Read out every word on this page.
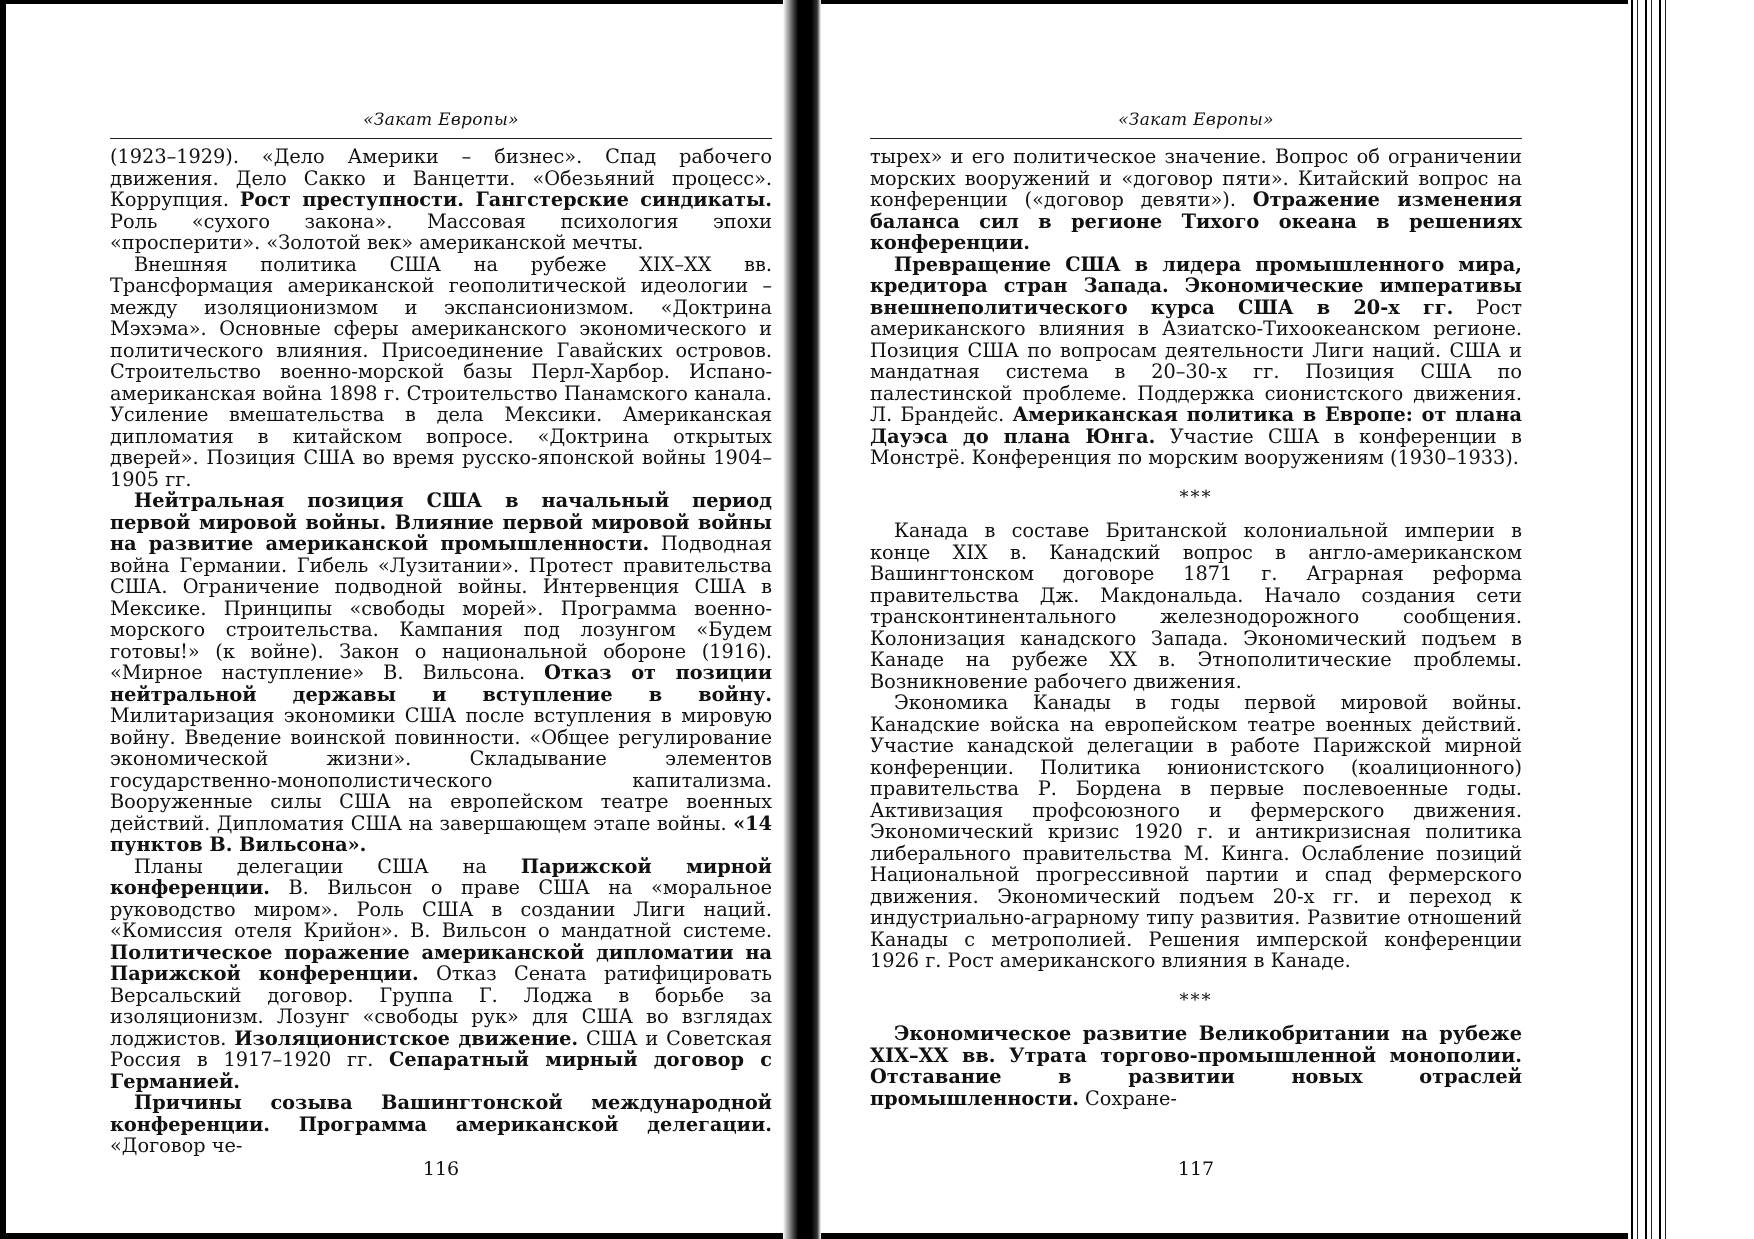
«Закат Европы»

(1923–1929). «Дело Америки – бизнес». Спад рабочего движения. Дело Сакко и Ванцетти. «Обезьяний процесс». Коррупция. Рост преступности. Гангстерские синдикаты. Роль «сухого закона». Массовая психология эпохи «просперити». «Золотой век» американской мечты.

Внешняя политика США на рубеже XIX–XX вв. Трансформация американской геополитической идеологии – между изоляционизмом и экспансионизмом. «Доктрина Мэхэма». Основные сферы американского экономического и политического влияния. Присоединение Гавайских островов. Строительство военно-морской базы Перл-Харбор. Испано-американская война 1898 г. Строительство Панамского канала. Усиление вмешательства в дела Мексики. Американская дипломатия в китайском вопросе. «Доктрина открытых дверей». Позиция США во время русско-японской войны 1904–1905 гг.

Нейтральная позиция США в начальный период первой мировой войны. Влияние первой мировой войны на развитие американской промышленности. Подводная война Германии. Гибель «Лузитании». Протест правительства США. Ограничение подводной войны. Интервенция США в Мексике. Принципы «свободы морей». Программа военно-морского строительства. Кампания под лозунгом «Будем готовы!» (к войне). Закон о национальной обороне (1916). «Мирное наступление» В. Вильсона. Отказ от позиции нейтральной державы и вступление в войну. Милитаризация экономики США после вступления в мировую войну. Введение воинской повинности. «Общее регулирование экономической жизни». Складывание элементов государственно-монополистического капитализма. Вооруженные силы США на европейском театре военных действий. Дипломатия США на завершающем этапе войны. «14 пунктов В. Вильсона».

Планы делегации США на Парижской мирной конференции. В. Вильсон о праве США на «моральное руководство миром». Роль США в создании Лиги наций. «Комиссия отеля Крийон». В. Вильсон о мандатной системе. Политическое поражение американской дипломатии на Парижской конференции. Отказ Сената ратифицировать Версальский договор. Группа Г. Лоджа в борьбе за изоляционизм. Лозунг «свободы рук» для США во взглядах лоджистов. Изоляционистское движение. США и Советская Россия в 1917–1920 гг. Сепаратный мирный договор с Германией.

Причины созыва Вашингтонской международной конференции. Программа американской делегации. «Договор че-

116
«Закат Европы»

тырех» и его политическое значение. Вопрос об ограничении морских вооружений и «договор пяти». Китайский вопрос на конференции («договор девяти»). Отражение изменения баланса сил в регионе Тихого океана в решениях конференции.

Превращение США в лидера промышленного мира, кредитора стран Запада. Экономические императивы внешнеполитического курса США в 20-х гг. Рост американского влияния в Азиатско-Тихоокеанском регионе. Позиция США по вопросам деятельности Лиги наций. США и мандатная система в 20–30-х гг. Позиция США по палестинской проблеме. Поддержка сионистского движения. Л. Брандейс. Американская политика в Европе: от плана Дауэса до плана Юнга. Участие США в конференции в Монстрё. Конференция по морским вооружениям (1930–1933).

***

Канада в составе Британской колониальной империи в конце XIX в. Канадский вопрос в англо-американском Вашингтонском договоре 1871 г. Аграрная реформа правительства Дж. Макдональда. Начало создания сети трансконтинентального железнодорожного сообщения. Колонизация канадского Запада. Экономический подъем в Канаде на рубеже XX в. Этнополитические проблемы. Возникновение рабочего движения.

Экономика Канады в годы первой мировой войны. Канадские войска на европейском театре военных действий. Участие канадской делегации в работе Парижской мирной конференции. Политика юнионистского (коалиционного) правительства Р. Бордена в первые послевоенные годы. Активизация профсоюзного и фермерского движения. Экономический кризис 1920 г. и антикризисная политика либерального правительства М. Кинга. Ослабление позиций Национальной прогрессивной партии и спад фермерского движения. Экономический подъем 20-х гг. и переход к индустриально-аграрному типу развития. Развитие отношений Канады с метрополией. Решения имперской конференции 1926 г. Рост американского влияния в Канаде.

***

Экономическое развитие Великобритании на рубеже XIX–XX вв. Утрата торгово-промышленной монополии. Отставание в развитии новых отраслей промышленности. Сохране-

117
